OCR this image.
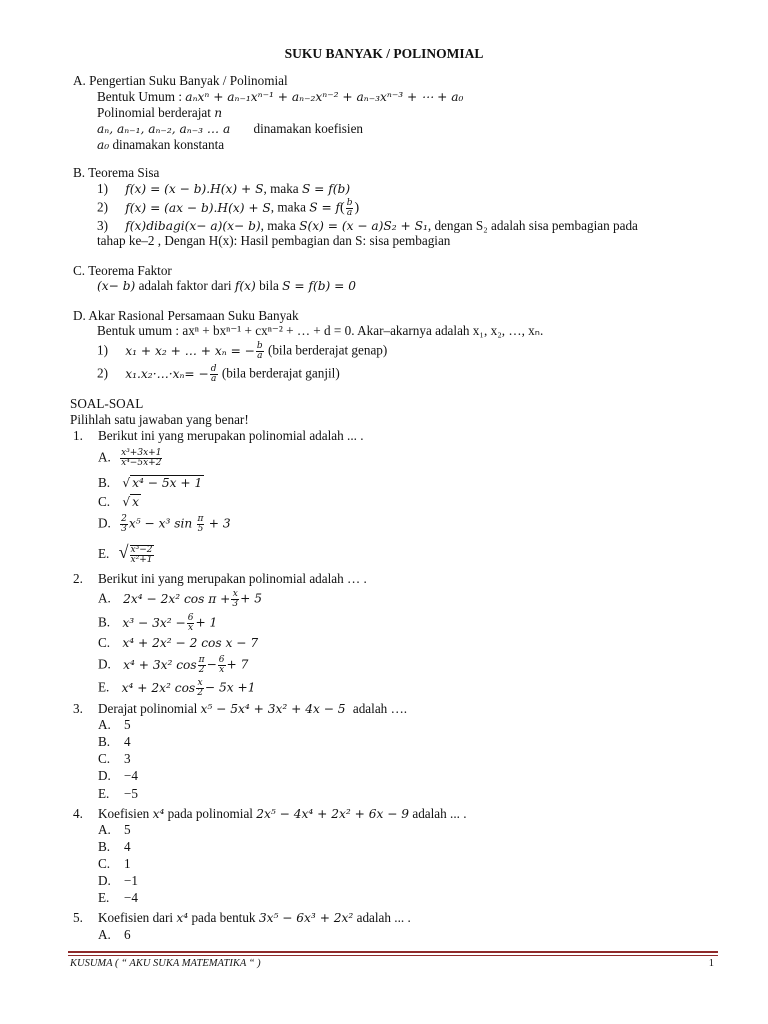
SUKU BANYAK / POLINOMIAL
A. Pengertian Suku Banyak / Polinomial
Bentuk Umum : aₙxⁿ + aₙ₋₁xⁿ⁻¹ + aₙ₋₂xⁿ⁻² + aₙ₋₃xⁿ⁻³ + ⋯ + a₀
Polinomial berderajat n
aₙ, aₙ₋₁, aₙ₋₂, aₙ₋₃ … a dinamakan koefisien
a₀ dinamakan konstanta
B. Teorema Sisa
1) f(x) = (x − b).H(x) + S, maka S = f(b)
2) f(x) = (ax − b).H(x) + S, maka $S = f( \frac{b}{a}$ )
3) f(x)dibagi(x− a)(x− b), maka S(x) = (x − a)S₂ + S₁, dengan S₂ adalah sisa pembagian pada
tahap ke–2 , Dengan H(x): Hasil pembagian dan S: sisa pembagian
C. Teorema Faktor
(x− b) adalah faktor dari f(x) bila S = f(b) = 0
D. Akar Rasional Persamaan Suku Banyak
Bentuk umum : axⁿ + bxⁿ⁻¹ + cxⁿ⁻² + … + d = 0. Akar–akarnya adalah x₁, x₂, …, xₙ.
1) x₁ + x₂ + … + xₙ = − $\frac{b}{a}$ (bila berderajat genap)
2) x₁.x₂·…·xₙ= − $\frac{d}{a}$ (bila berderajat ganjil)
SOAL-SOAL
Pilihlah satu jawaban yang benar!
1. Berikut ini yang merupakan polinomial adalah ... .
A. $\frac{\text{x³+3x+1}}{\text{x⁴−5x+2}}$
B. √ x⁴ − 5x + 1
C. √ x
D. $\frac{2}{3} x^5 - x^3$ $\sin \frac{\pi}{5} + 3$
E. √ $\frac{\text{x³−2}}{\text{x²+1}}$
2. Berikut ini yang merupakan polinomial adalah … .
A. 2x⁴ − 2x² $\cos \pi + \frac{x}{3} + 5$
B. $x^3 - 3x^2 - \frac{6}{x} + 1$
C. x⁴ + 2x² − 2 cos x − 7
D. x⁴ + 3x² $\cos \frac{\pi}{2} - \frac{6}{x} + 7$
E. x⁴ + 2x² $\cos \frac{x}{2} - 5x +1$
3. Derajat polinomial x⁵ − 5x⁴ + 3x² + 4x − 5 adalah ….
A. 5
B. 4
C. 3
D. −4
E. −5
4. Koefisien x⁴ pada polinomial 2x⁵ − 4x⁴ + 2x² + 6x − 9 adalah ... .
A. 5
B. 4
C. 1
D. −1
E. −4
5. Koefisien dari x⁴ pada bentuk 3x⁵ − 6x³ + 2x² adalah ... .
A. 6
KUSUMA ( “ AKU SUKA MATEMATIKA “ )	1
